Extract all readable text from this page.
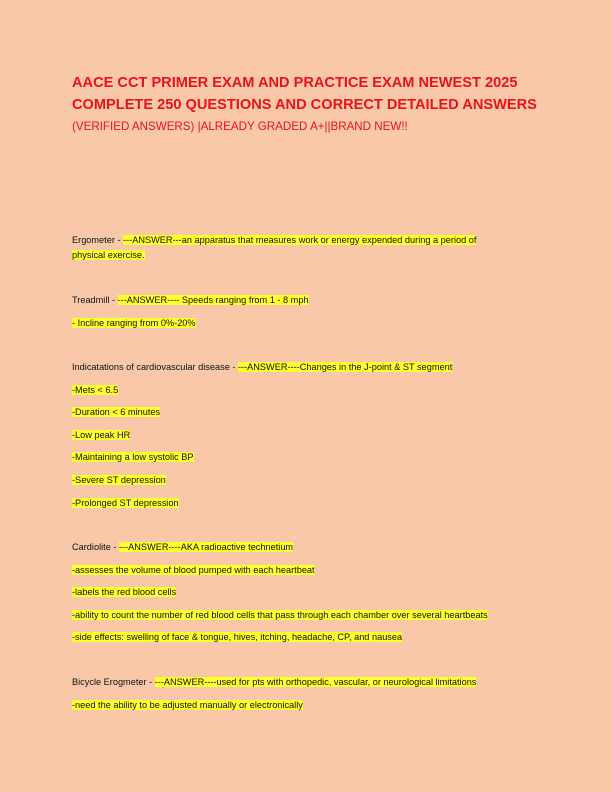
AACE CCT PRIMER EXAM AND PRACTICE EXAM NEWEST 2025 COMPLETE 250 QUESTIONS AND CORRECT DETAILED ANSWERS (VERIFIED ANSWERS) |ALREADY GRADED A+||BRAND NEW!!
Ergometer - ---ANSWER---an apparatus that measures work or energy expended during a period of
physical exercise.
Treadmill - ---ANSWER---- Speeds ranging from 1 - 8 mph
- Incline ranging from 0%-20%
Indicatations of cardiovascular disease - ---ANSWER----Changes in the J-point & ST segment
-Mets < 6.5
-Duration < 6 minutes
-Low peak HR
-Maintaining a low systolic BP
-Severe ST depression
-Prolonged ST depression
Cardiolite - ---ANSWER----AKA radioactive technetium
-assesses the volume of blood pumped with each heartbeat
-labels the red blood cells
-ability to count the number of red blood cells that pass through each chamber over several heartbeats
-side effects: swelling of face & tongue, hives, itching, headache, CP, and nausea
Bicycle Erogmeter - ---ANSWER----used for pts with orthopedic, vascular, or neurological limitations
-need the ability to be adjusted manually or electronically
